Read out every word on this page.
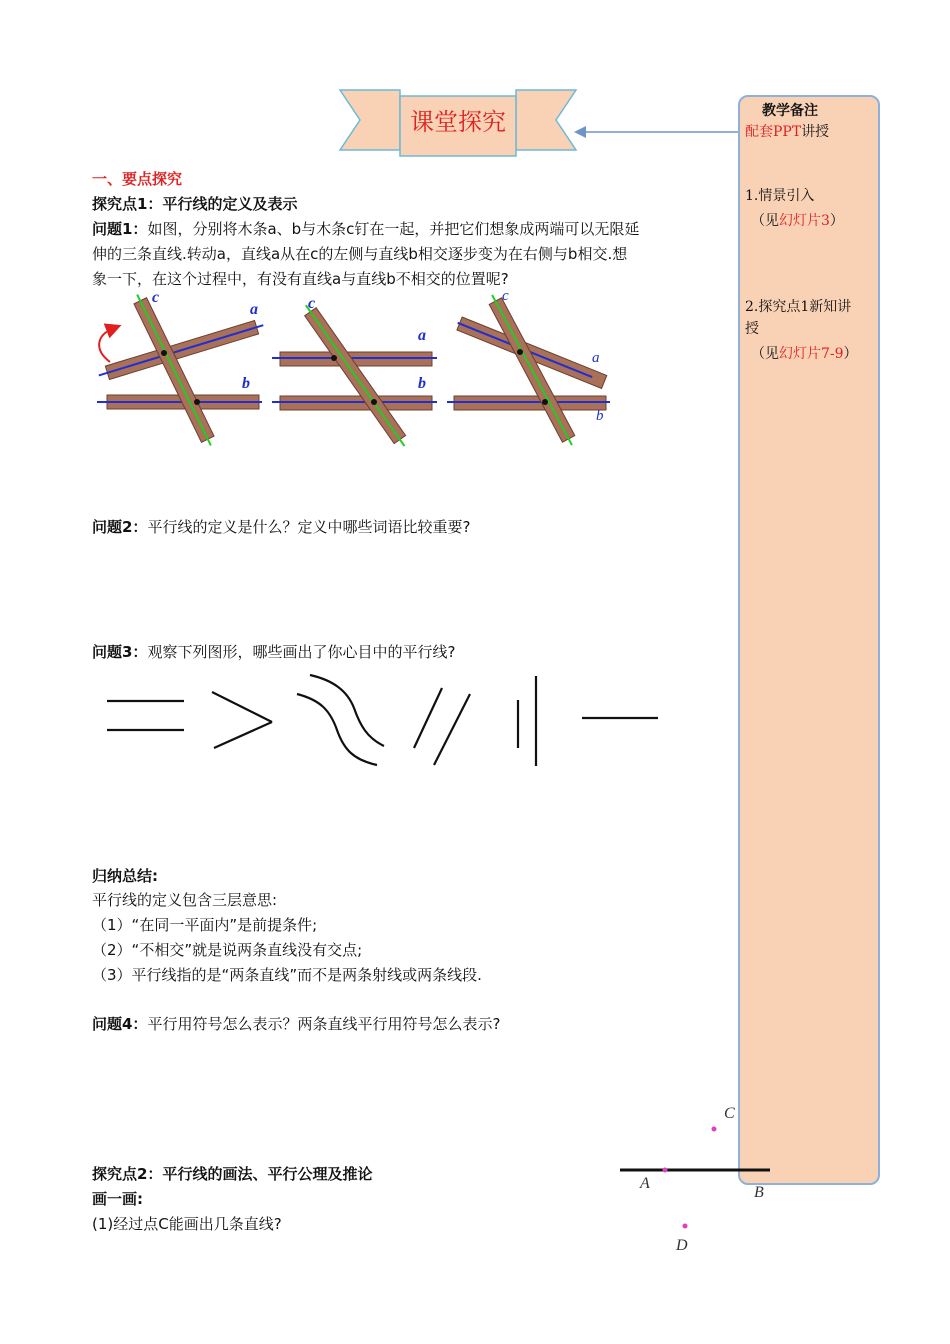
课堂探究	教学备注
配套PPT讲授
1.情景引入
（见幻灯片3）
2.探究点1新知讲
授
（见幻灯片7-9）
一、要点探究
探究点1：平行线的定义及表示
问题1：如图，分别将木条a、b与木条c钉在一起，并把它们想象成两端可以无限延
伸的三条直线.转动a，直线a从在c的左侧与直线b相交逐步变为在右侧与b相交.想
象一下，在这个过程中，有没有直线a与直线b不相交的位置呢?
c
a
b
c
a
b
c
a
b
问题2：平行线的定义是什么？定义中哪些词语比较重要?
问题3：观察下列图形，哪些画出了你心目中的平行线?
归纳总结:
平行线的定义包含三层意思:
（1）“在同一平面内”是前提条件;
（2）“不相交”就是说两条直线没有交点;
（3）平行线指的是“两条直线”而不是两条射线或两条线段.
问题4：平行用符号怎么表示？两条直线平行用符号怎么表示?
探究点2：平行线的画法、平行公理及推论
画一画:
(1)经过点C能画出几条直线?
C
A
B
D
